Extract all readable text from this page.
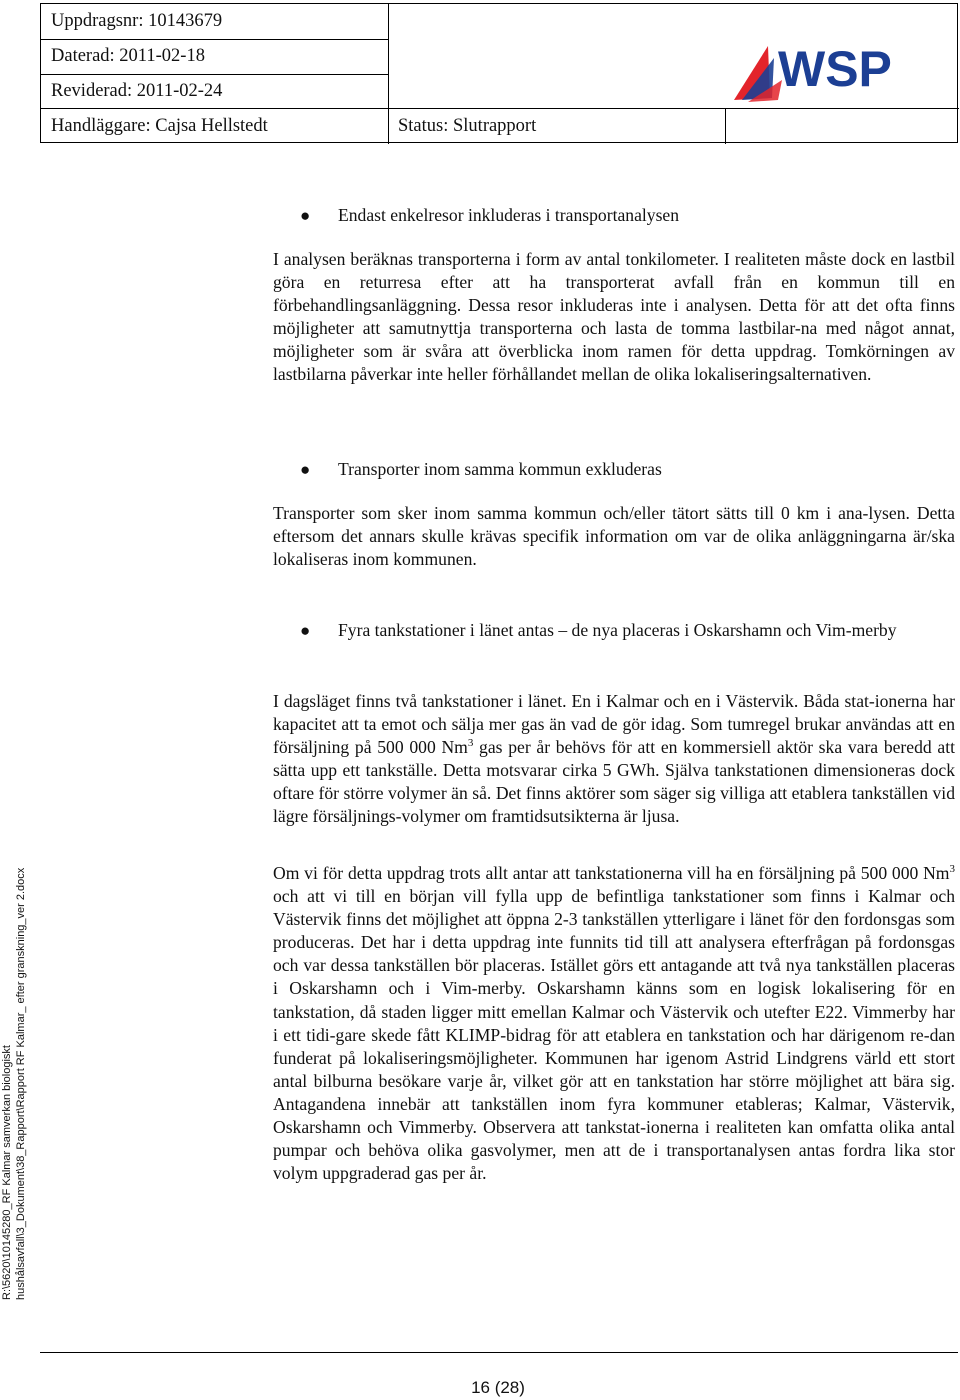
Uppdragsnr: 10143679
Daterad: 2011-02-18
Reviderad: 2011-02-24
Handläggare: Cajsa Hellstedt	Status: Slutrapport
WSP
● Endast enkelresor inkluderas i transportanalysen

I analysen beräknas transporterna i form av antal tonkilometer. I realiteten måste dock en lastbil göra en returresa efter att ha transporterat avfall från en kommun till en förbehandlingsanläggning. Dessa resor inkluderas inte i analysen. Detta för att det ofta finns möjligheter att samutnyttja transporterna och lasta de tomma lastbilar-na med något annat, möjligheter som är svåra att överblicka inom ramen för detta uppdrag. Tomkörningen av lastbilarna påverkar inte heller förhållandet mellan de olika lokaliseringsalternativen.

● Transporter inom samma kommun exkluderas

Transporter som sker inom samma kommun och/eller tätort sätts till 0 km i ana-lysen. Detta eftersom det annars skulle krävas specifik information om var de olika anläggningarna är/ska lokaliseras inom kommunen.

● Fyra tankstationer i länet antas – de nya placeras i Oskarshamn och Vim-merby

I dagsläget finns två tankstationer i länet. En i Kalmar och en i Västervik. Båda stat-ionerna har kapacitet att ta emot och sälja mer gas än vad de gör idag. Som tumregel brukar användas att en försäljning på 500 000 Nm$^3$ gas per år behövs för att en kommersiell aktör ska vara beredd att sätta upp ett tankställe. Detta motsvarar cirka 5 GWh. Själva tankstationen dimensioneras dock oftare för större volymer än så. Det finns aktörer som säger sig villiga att etablera tankställen vid lägre försäljnings-volymer om framtidsutsikterna är ljusa.

Om vi för detta uppdrag trots allt antar att tankstationerna vill ha en försäljning på 500 000 Nm$^3$ och att vi till en början vill fylla upp de befintliga tankstationer som finns i Kalmar och Västervik finns det möjlighet att öppna 2-3 tankställen ytterligare i länet för den fordonsgas som produceras. Det har i detta uppdrag inte funnits tid till att analysera efterfrågan på fordonsgas och var dessa tankställen bör placeras. Istället görs ett antagande att två nya tankställen placeras i Oskarshamn och i Vim-merby. Oskarshamn känns som en logisk lokalisering för en tankstation, då staden ligger mitt emellan Kalmar och Västervik och utefter E22. Vimmerby har i ett tidi-gare skede fått KLIMP-bidrag för att etablera en tankstation och har därigenom re-dan funderat på lokaliseringsmöjligheter. Kommunen har igenom Astrid Lindgrens värld ett stort antal bilburna besökare varje år, vilket gör att en tankstation har större möjlighet att bära sig. Antagandena innebär att tankställen inom fyra kommuner etableras; Kalmar, Västervik, Oskarshamn och Vimmerby. Observera att tankstat-ionerna i realiteten kan omfatta olika antal pumpar och behöva olika gasvolymer, men att de i transportanalysen antas fordra lika stor volym uppgraderad gas per år.

R:\5620\10145280_RF Kalmar samverkan biologiskt hushålsavfall\3_Dokument\38_Rapport\Rapport RF Kalmar_ efter granskning_ver 2.docx
16 (28)
